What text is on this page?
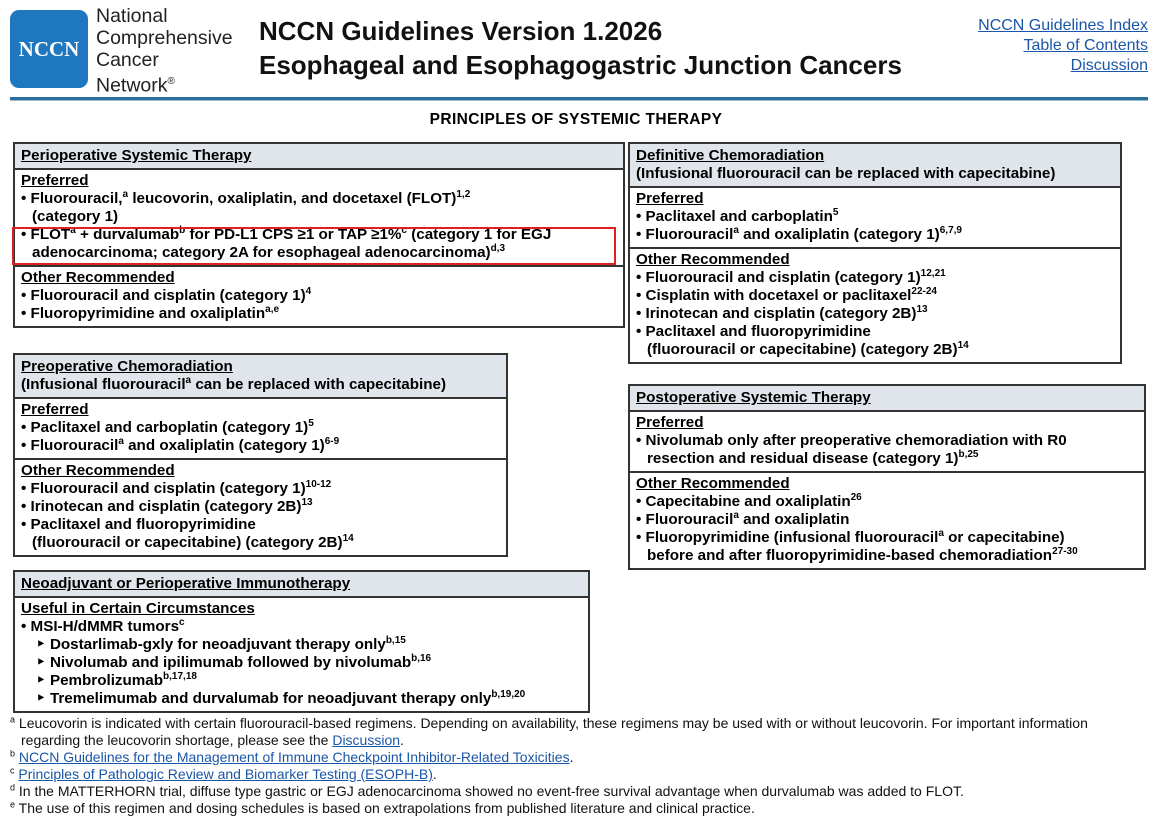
NCCN
National
Comprehensive
Cancer
Network®
NCCN Guidelines Version 1.2026
Esophageal and Esophagogastric Junction Cancers
NCCN Guidelines Index
Table of Contents
Discussion
PRINCIPLES OF SYSTEMIC THERAPY
Perioperative Systemic Therapy
Preferred
• Fluorouracil,$^a$ leucovorin, oxaliplatin, and docetaxel (FLOT)$^{1,2}$
(category 1)
• $FLOT^a$ + durvalumab$^b$ for PD-L1 CPS ≥1 or TAP ≥1%$^c$ (category 1 for EGJ adenocarcinoma; category 2A for esophageal adenocarcinoma)$^{d,3}$
Other Recommended
• Fluorouracil and cisplatin (category 1)$^4$
• Fluoropyrimidine and oxaliplatin$^{a,e}$
Preoperative Chemoradiation
(Infusional fluorouracil$^a$ can be replaced with capecitabine)
Preferred
• Paclitaxel and carboplatin (category 1)$^5$
• Fluorouracil$^a$ and oxaliplatin (category 1)$^{6-9}$
Other Recommended
• Fluorouracil and cisplatin (category 1)$^{10-12}$
• Irinotecan and cisplatin (category 2B)$^{13}$
• Paclitaxel and fluoropyrimidine
(fluorouracil or capecitabine) (category 2B)$^{14}$
Neoadjuvant or Perioperative Immunotherapy
Useful in Certain Circumstances
• MSI-H/dMMR tumors$^c$
‣ Dostarlimab-gxly for neoadjuvant therapy only$^{b,15}$
‣ Nivolumab and ipilimumab followed by nivolumab$^{b,16}$
‣ Pembrolizumab$^{b,17,18}$
‣ Tremelimumab and durvalumab for neoadjuvant therapy only$^{b,19,20}$
Definitive Chemoradiation
(Infusional fluorouracil can be replaced with capecitabine)
Preferred
• Paclitaxel and carboplatin$^5$
• Fluorouracil$^a$ and oxaliplatin (category 1)$^{6,7,9}$
Other Recommended
• Fluorouracil and cisplatin (category 1)$^{12,21}$
• Cisplatin with docetaxel or paclitaxel$^{22-24}$
• Irinotecan and cisplatin (category 2B)$^{13}$
• Paclitaxel and fluoropyrimidine
(fluorouracil or capecitabine) (category 2B)$^{14}$
Postoperative Systemic Therapy
Preferred
• Nivolumab only after preoperative chemoradiation with R0
resection and residual disease (category 1)$^{b,25}$
Other Recommended
• Capecitabine and oxaliplatin$^{26}$
• Fluorouracil$^a$ and oxaliplatin
• Fluoropyrimidine (infusional fluorouracil$^a$ or capecitabine)
before and after fluoropyrimidine-based chemoradiation$^{27-30}$
$^a$ Leucovorin is indicated with certain fluorouracil-based regimens. Depending on availability, these regimens may be used with or without leucovorin. For important information regarding the leucovorin shortage, please see the Discussion.
$^b$ NCCN Guidelines for the Management of Immune Checkpoint Inhibitor-Related Toxicities.
$^c$ Principles of Pathologic Review and Biomarker Testing (ESOPH-B).
$^d$ In the MATTERHORN trial, diffuse type gastric or EGJ adenocarcinoma showed no event-free survival advantage when durvalumab was added to FLOT.
$^e$ The use of this regimen and dosing schedules is based on extrapolations from published literature and clinical practice.
